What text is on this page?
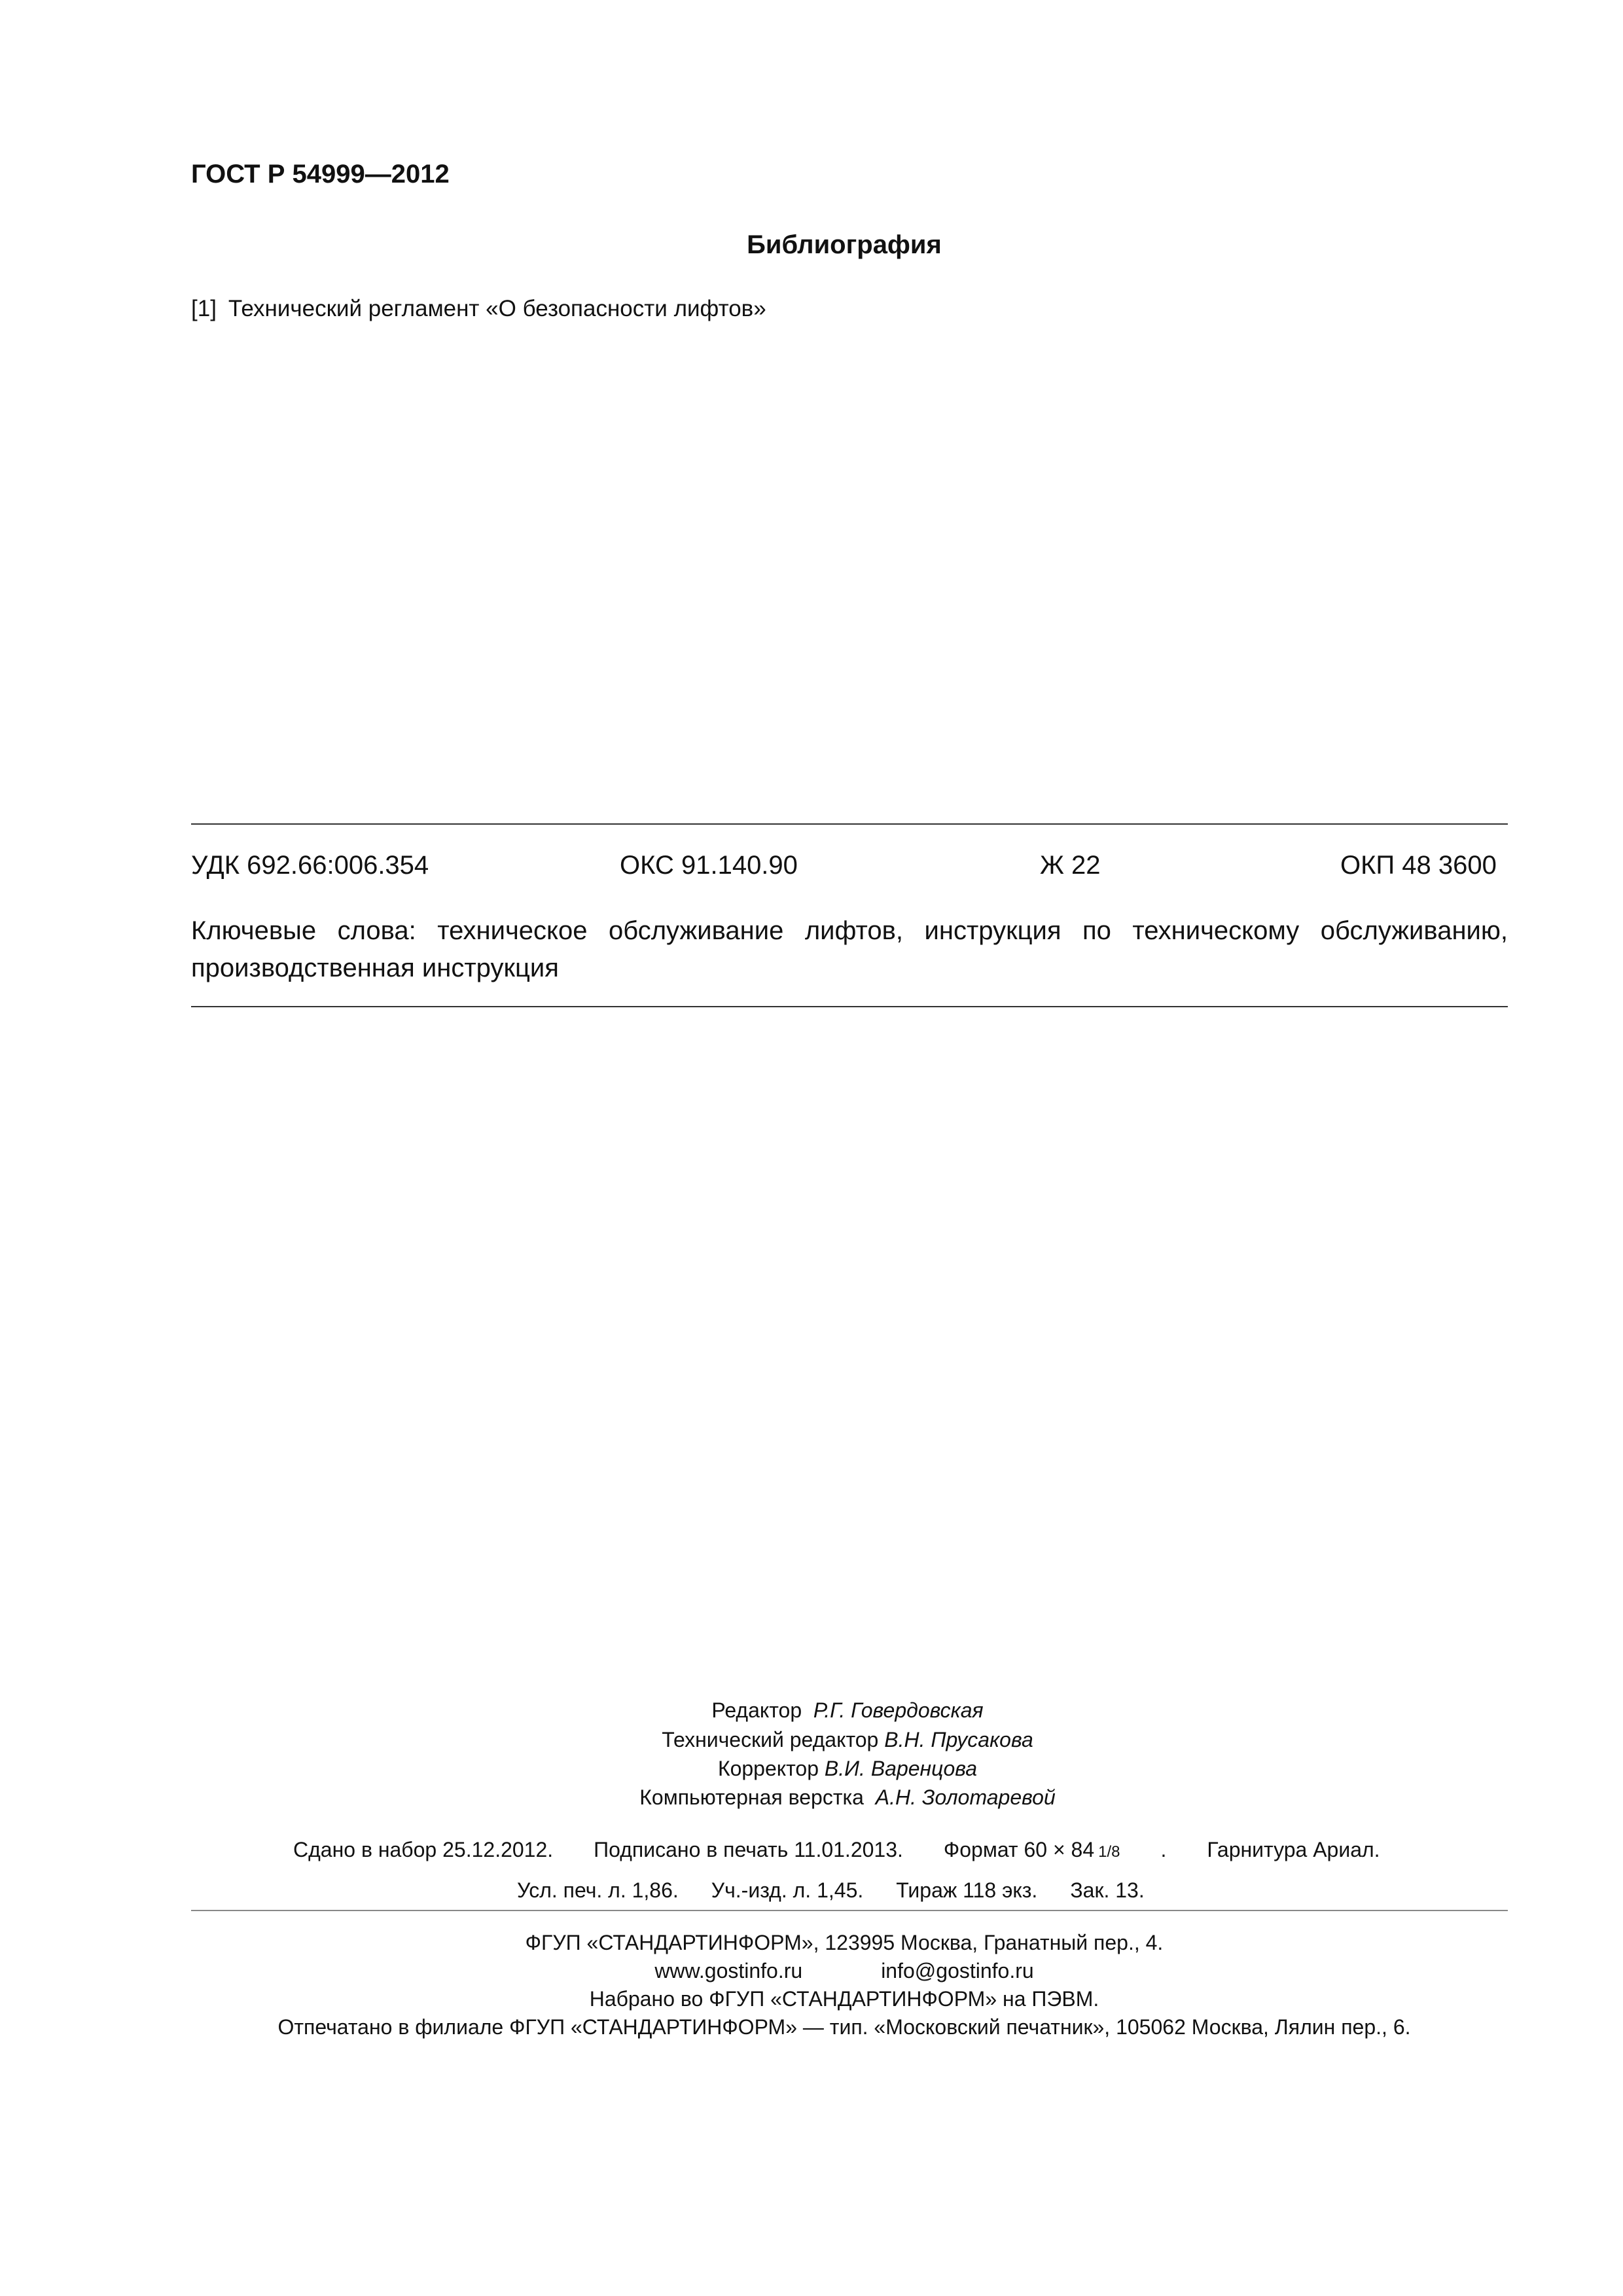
ГОСТ Р 54999—2012
Библиография
[1] Технический регламент «О безопасности лифтов»
УДК 692.66:006.354	ОКС 91.140.90	Ж 22	ОКП 48 3600
Ключевые слова: техническое обслуживание лифтов, инструкция по техническому обслуживанию, производственная инструкция
Редактор Р.Г. Говердовская
Технический редактор В.Н. Прусакова
Корректор В.И. Варенцова
Компьютерная верстка А.Н. Золотаревой
Сдано в набор 25.12.2012. Подписано в печать 11.01.2013. Формат 60 × 84 1/8 . Гарнитура Ариал.
Усл. печ. л. 1,86. Уч.-изд. л. 1,45. Тираж 118 экз. Зак. 13.
ФГУП «СТАНДАРТИНФОРМ», 123995 Москва, Гранатный пер., 4.
www.gostinfo.ru	info@gostinfo.ru
Набрано во ФГУП «СТАНДАРТИНФОРМ» на ПЭВМ.
Отпечатано в филиале ФГУП «СТАНДАРТИНФОРМ» — тип. «Московский печатник», 105062 Москва, Лялин пер., 6.
